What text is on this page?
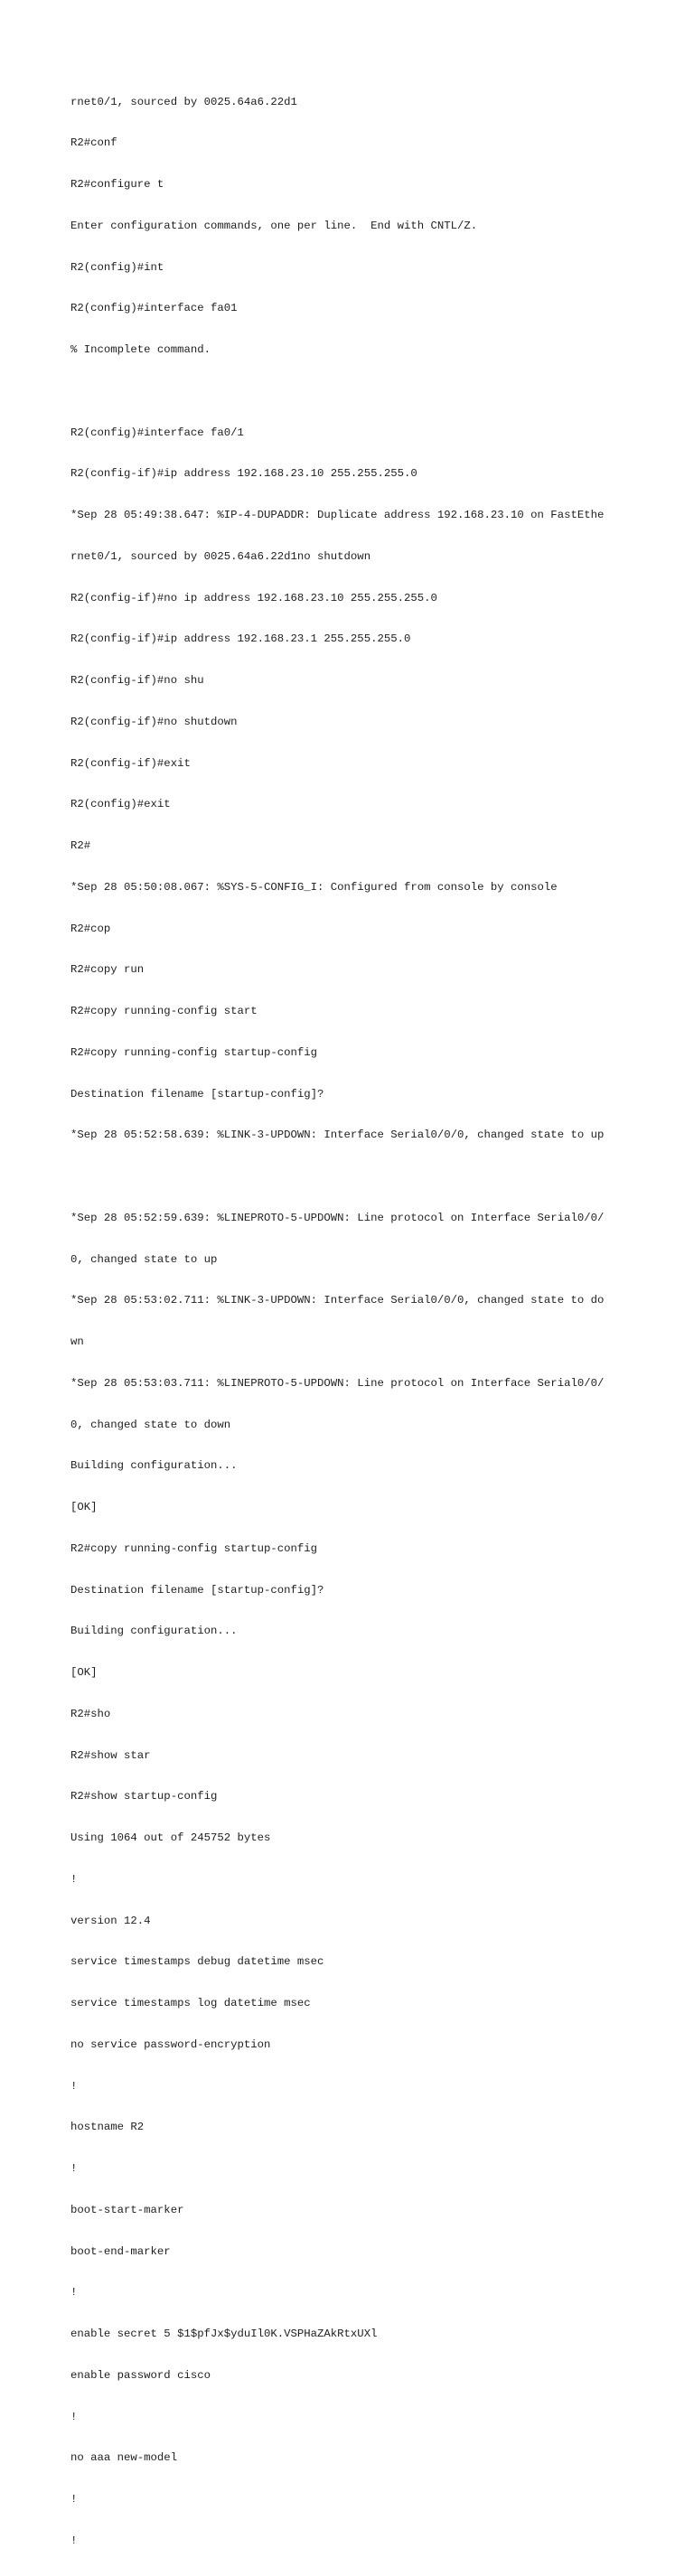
rnet0/1, sourced by 0025.64a6.22d1

R2#conf

R2#configure t

Enter configuration commands, one per line.  End with CNTL/Z.

R2(config)#int

R2(config)#interface fa01

% Incomplete command.

R2(config)#interface fa0/1

R2(config-if)#ip address 192.168.23.10 255.255.255.0

*Sep 28 05:49:38.647: %IP-4-DUPADDR: Duplicate address 192.168.23.10 on FastEthe

rnet0/1, sourced by 0025.64a6.22d1no shutdown

R2(config-if)#no ip address 192.168.23.10 255.255.255.0

R2(config-if)#ip address 192.168.23.1 255.255.255.0

R2(config-if)#no shu

R2(config-if)#no shutdown

R2(config-if)#exit

R2(config)#exit

R2#

*Sep 28 05:50:08.067: %SYS-5-CONFIG_I: Configured from console by console

R2#cop

R2#copy run

R2#copy running-config start

R2#copy running-config startup-config

Destination filename [startup-config]?

*Sep 28 05:52:58.639: %LINK-3-UPDOWN: Interface Serial0/0/0, changed state to up

*Sep 28 05:52:59.639: %LINEPROTO-5-UPDOWN: Line protocol on Interface Serial0/0/

0, changed state to up

*Sep 28 05:53:02.711: %LINK-3-UPDOWN: Interface Serial0/0/0, changed state to do

wn

*Sep 28 05:53:03.711: %LINEPROTO-5-UPDOWN: Line protocol on Interface Serial0/0/

0, changed state to down

Building configuration...

[OK]

R2#copy running-config startup-config

Destination filename [startup-config]?

Building configuration...

[OK]

R2#sho

R2#show star

R2#show startup-config

Using 1064 out of 245752 bytes

!

version 12.4

service timestamps debug datetime msec

service timestamps log datetime msec

no service password-encryption

!

hostname R2

!

boot-start-marker

boot-end-marker

!

enable secret 5 $1$pfJx$yduIl0K.VSPHaZAkRtxUXl

enable password cisco

!

no aaa new-model

!

!
